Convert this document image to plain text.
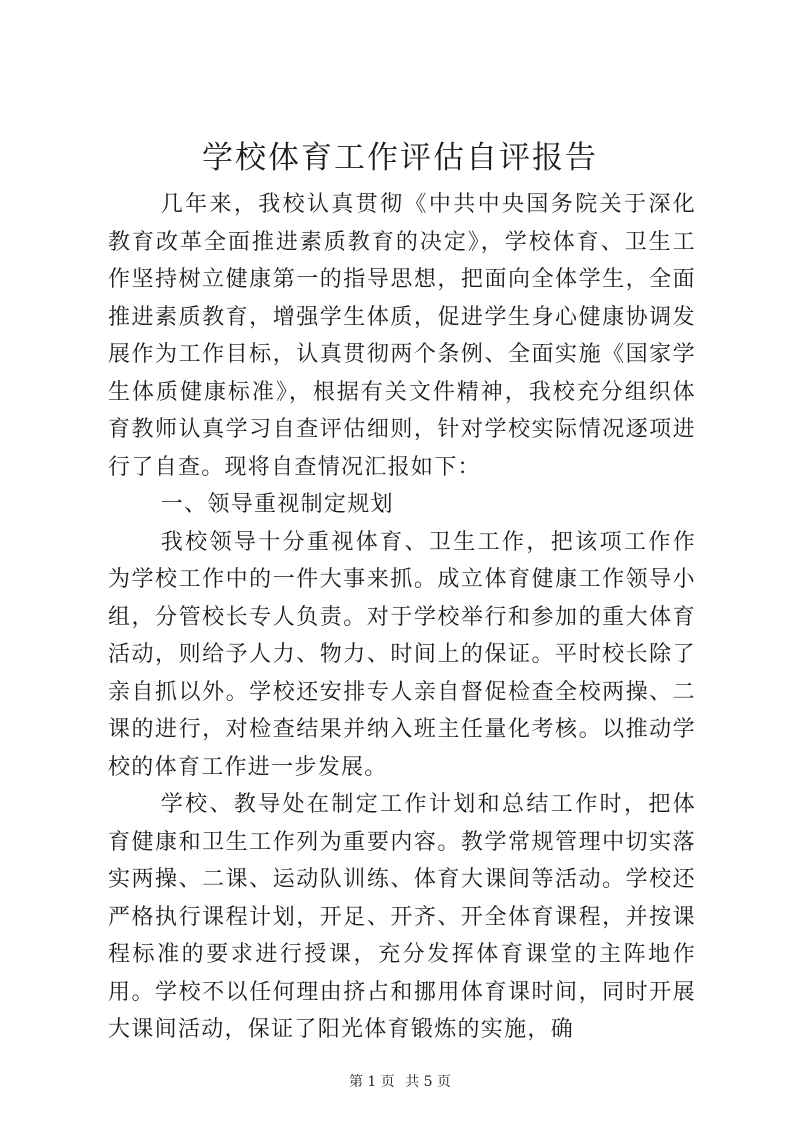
学校体育工作评估自评报告

几年来，我校认真贯彻《中共中央国务院关于深化教育改革全面推进素质教育的决定》，学校体育、卫生工作坚持树立健康第一的指导思想，把面向全体学生，全面推进素质教育，增强学生体质，促进学生身心健康协调发展作为工作目标，认真贯彻两个条例、全面实施《国家学生体质健康标准》，根据有关文件精神，我校充分组织体育教师认真学习自查评估细则，针对学校实际情况逐项进行了自查。现将自查情况汇报如下：

一、领导重视制定规划

我校领导十分重视体育、卫生工作，把该项工作作为学校工作中的一件大事来抓。成立体育健康工作领导小组，分管校长专人负责。对于学校举行和参加的重大体育活动，则给予人力、物力、时间上的保证。平时校长除了亲自抓以外。学校还安排专人亲自督促检查全校两操、二课的进行，对检查结果并纳入班主任量化考核。以推动学校的体育工作进一步发展。

学校、教导处在制定工作计划和总结工作时，把体育健康和卫生工作列为重要内容。教学常规管理中切实落实两操、二课、运动队训练、体育大课间等活动。学校还严格执行课程计划，开足、开齐、开全体育课程，并按课程标准的要求进行授课，充分发挥体育课堂的主阵地作用。学校不以任何理由挤占和挪用体育课时间，同时开展大课间活动，保证了阳光体育锻炼的实施，确

第 1 页 共 5 页
